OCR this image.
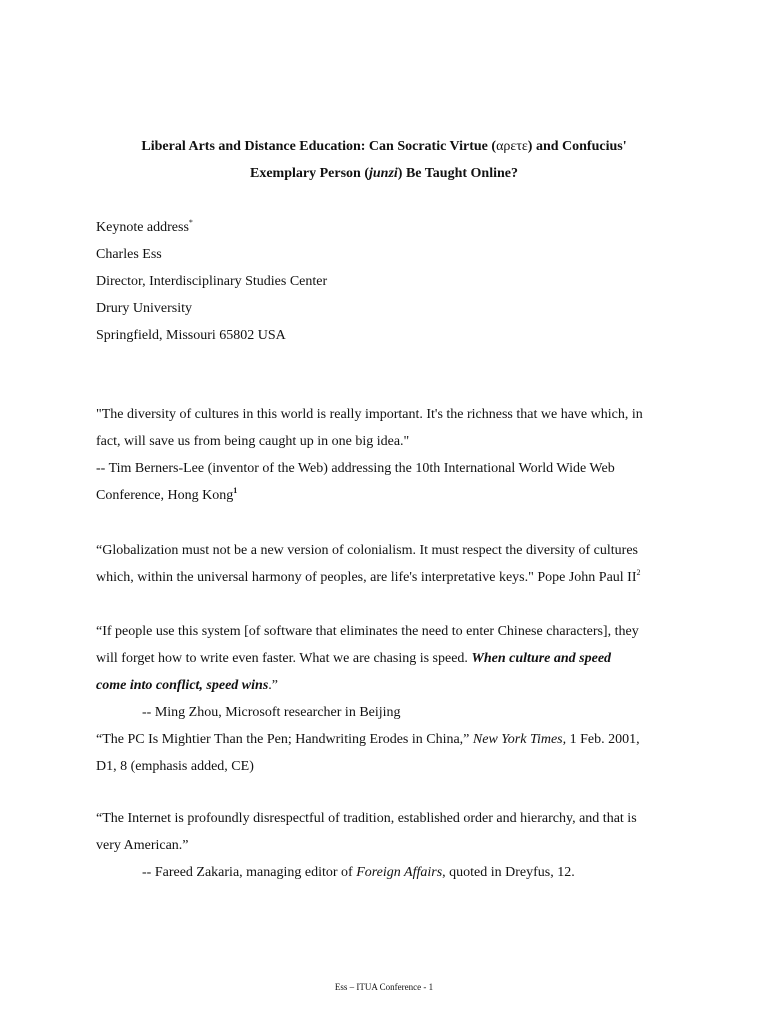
Liberal Arts and Distance Education: Can Socratic Virtue (αρετε) and Confucius'
Exemplary Person (junzi) Be Taught Online?
Keynote address*
Charles Ess
Director, Interdisciplinary Studies Center
Drury University
Springfield, Missouri 65802 USA
"The diversity of cultures in this world is really important. It's the richness that we have which, in
fact, will save us from being caught up in one big idea."
-- Tim Berners-Lee (inventor of the Web) addressing the 10th International World Wide Web
Conference, Hong Kong$^1$
“Globalization must not be a new version of colonialism. It must respect the diversity of cultures
which, within the universal harmony of peoples, are life's interpretative keys." Pope John Paul $II^2$
“If people use this system [of software that eliminates the need to enter Chinese characters], they
will forget how to write even faster. What we are chasing is speed. When culture and speed
come into conflict, speed wins.”
-- Ming Zhou, Microsoft researcher in Beijing
“The PC Is Mightier Than the Pen; Handwriting Erodes in China,” New York Times, 1 Feb. 2001,
D1, 8 (emphasis added, CE)
“The Internet is profoundly disrespectful of tradition, established order and hierarchy, and that is
very American.”
-- Fareed Zakaria, managing editor of Foreign Affairs, quoted in Dreyfus, 12.
Ess – ITUA Conference - 1
